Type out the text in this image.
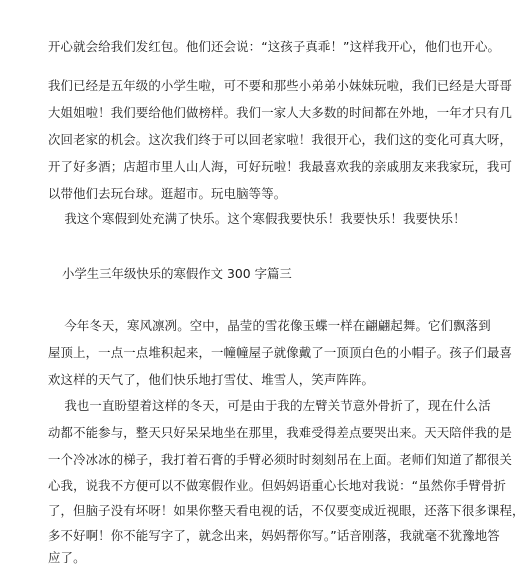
开心就会给我们发红包。他们还会说：“这孩子真乖！”这样我开心，他们也开心。
我们已经是五年级的小学生啦，可不要和那些小弟弟小妹妹玩啦，我们已经是大哥哥
大姐姐啦！我们要给他们做榜样。我们一家人大多数的时间都在外地，一年才只有几
次回老家的机会。这次我们终于可以回老家啦！我很开心，我们这的变化可真大呀，
开了好多酒；店超市里人山人海，可好玩啦！我最喜欢我的亲戚朋友来我家玩，我可
以带他们去玩台球。逛超市。玩电脑等等。
我这个寒假到处充满了快乐。这个寒假我要快乐！我要快乐！我要快乐！
小学生三年级快乐的寒假作文 300 字篇三
今年冬天，寒风凛冽。空中，晶莹的雪花像玉蝶一样在翩翩起舞。它们飘落到
屋顶上，一点一点堆积起来，一幢幢屋子就像戴了一顶顶白色的小帽子。孩子们最喜
欢这样的天气了，他们快乐地打雪仗、堆雪人，笑声阵阵。
我也一直盼望着这样的冬天，可是由于我的左臂关节意外骨折了，现在什么活
动都不能参与，整天只好呆呆地坐在那里，我难受得差点要哭出来。天天陪伴我的是
一个冷冰冰的梯子，我打着石膏的手臂必须时时刻刻吊在上面。老师们知道了都很关
心我，说我不方便可以不做寒假作业。但妈妈语重心长地对我说：“虽然你手臂骨折
了，但脑子没有坏呀！如果你整天看电视的话，不仅要变成近视眼，还落下很多课程，
多不好啊！你不能写字了，就念出来，妈妈帮你写。”话音刚落，我就毫不犹豫地答
应了。
